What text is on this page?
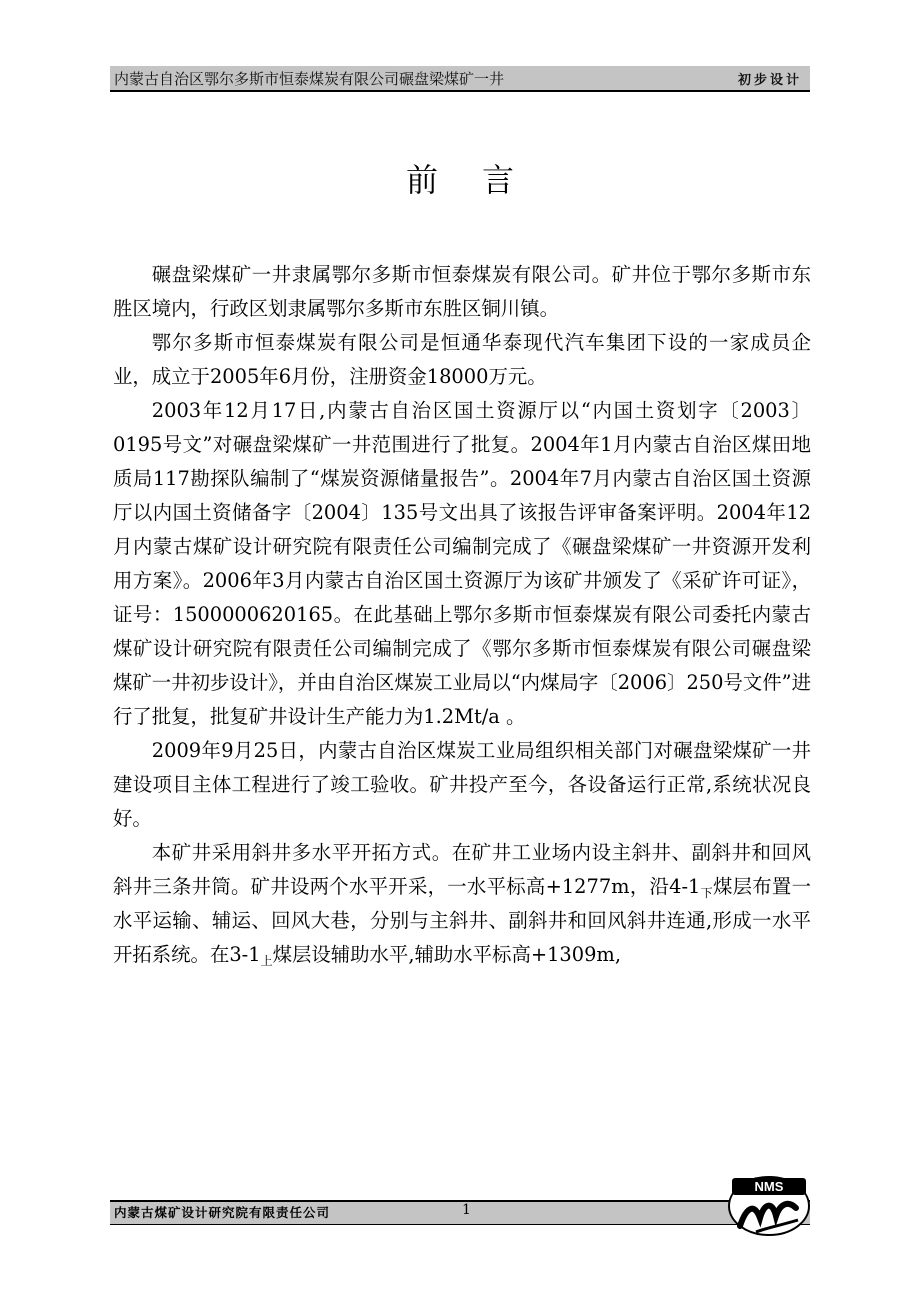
内蒙古自治区鄂尔多斯市恒泰煤炭有限公司碾盘梁煤矿一井	初步设计
前言

碾盘梁煤矿一井隶属鄂尔多斯市恒泰煤炭有限公司。矿井位于鄂尔多斯市东胜区境内，行政区划隶属鄂尔多斯市东胜区铜川镇。

鄂尔多斯市恒泰煤炭有限公司是恒通华泰现代汽车集团下设的一家成员企业，成立于2005年6月份，注册资金18000万元。

2003年12月17日,内蒙古自治区国土资源厅以“内国土资划字〔2003〕0195号文”对碾盘梁煤矿一井范围进行了批复。2004年1月内蒙古自治区煤田地质局117勘探队编制了“煤炭资源储量报告”。2004年7月内蒙古自治区国土资源厅以内国土资储备字〔2004〕135号文出具了该报告评审备案评明。2004年12月内蒙古煤矿设计研究院有限责任公司编制完成了《碾盘梁煤矿一井资源开发利用方案》。2006年3月内蒙古自治区国土资源厅为该矿井颁发了《采矿许可证》，证号：1500000620165。在此基础上鄂尔多斯市恒泰煤炭有限公司委托内蒙古煤矿设计研究院有限责任公司编制完成了《鄂尔多斯市恒泰煤炭有限公司碾盘梁煤矿一井初步设计》，并由自治区煤炭工业局以“内煤局字〔2006〕250号文件”进行了批复，批复矿井设计生产能力为1.2Mt/a 。

2009年9月25日，内蒙古自治区煤炭工业局组织相关部门对碾盘梁煤矿一井建设项目主体工程进行了竣工验收。矿井投产至今，各设备运行正常,系统状况良好。

本矿井采用斜井多水平开拓方式。在矿井工业场内设主斜井、副斜井和回风斜井三条井筒。矿井设两个水平开采，一水平标高+1277m，沿$4-1_下$煤层布置一水平运输、辅运、回风大巷，分别与主斜井、副斜井和回风斜井连通,形成一水平开拓系统。在$3-1_上$煤层设辅助水平,辅助水平标高+1309m,

内蒙古煤矿设计研究院有限责任公司	1
NMS
